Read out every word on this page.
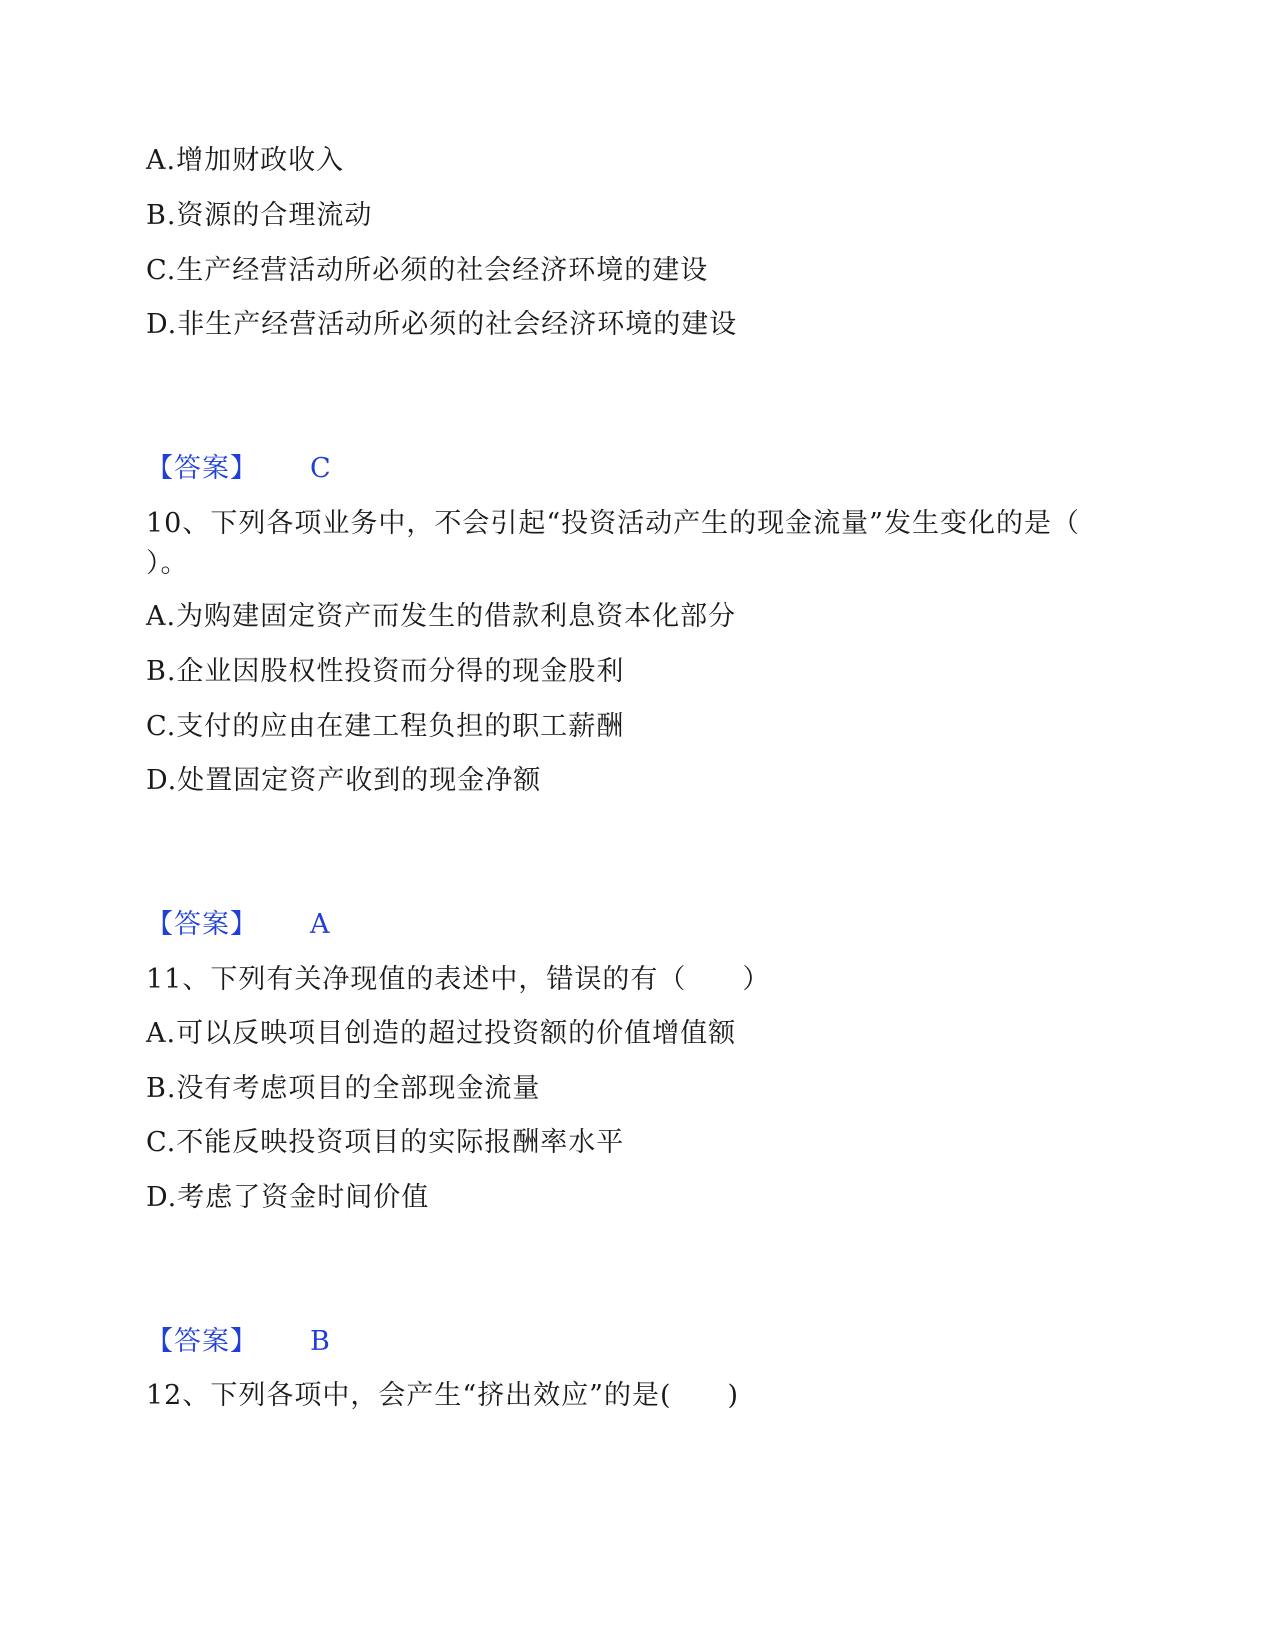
A.增加财政收入
B.资源的合理流动
C.生产经营活动所必须的社会经济环境的建设
D.非生产经营活动所必须的社会经济环境的建设
【答案】 C
10、下列各项业务中，不会引起“投资活动产生的现金流量”发生变化的是（
）。
A.为购建固定资产而发生的借款利息资本化部分
B.企业因股权性投资而分得的现金股利
C.支付的应由在建工程负担的职工薪酬
D.处置固定资产收到的现金净额
【答案】 A
11、下列有关净现值的表述中，错误的有（　　）
A.可以反映项目创造的超过投资额的价值增值额
B.没有考虑项目的全部现金流量
C.不能反映投资项目的实际报酬率水平
D.考虑了资金时间价值
【答案】 B
12、下列各项中，会产生“挤出效应”的是(　　)
